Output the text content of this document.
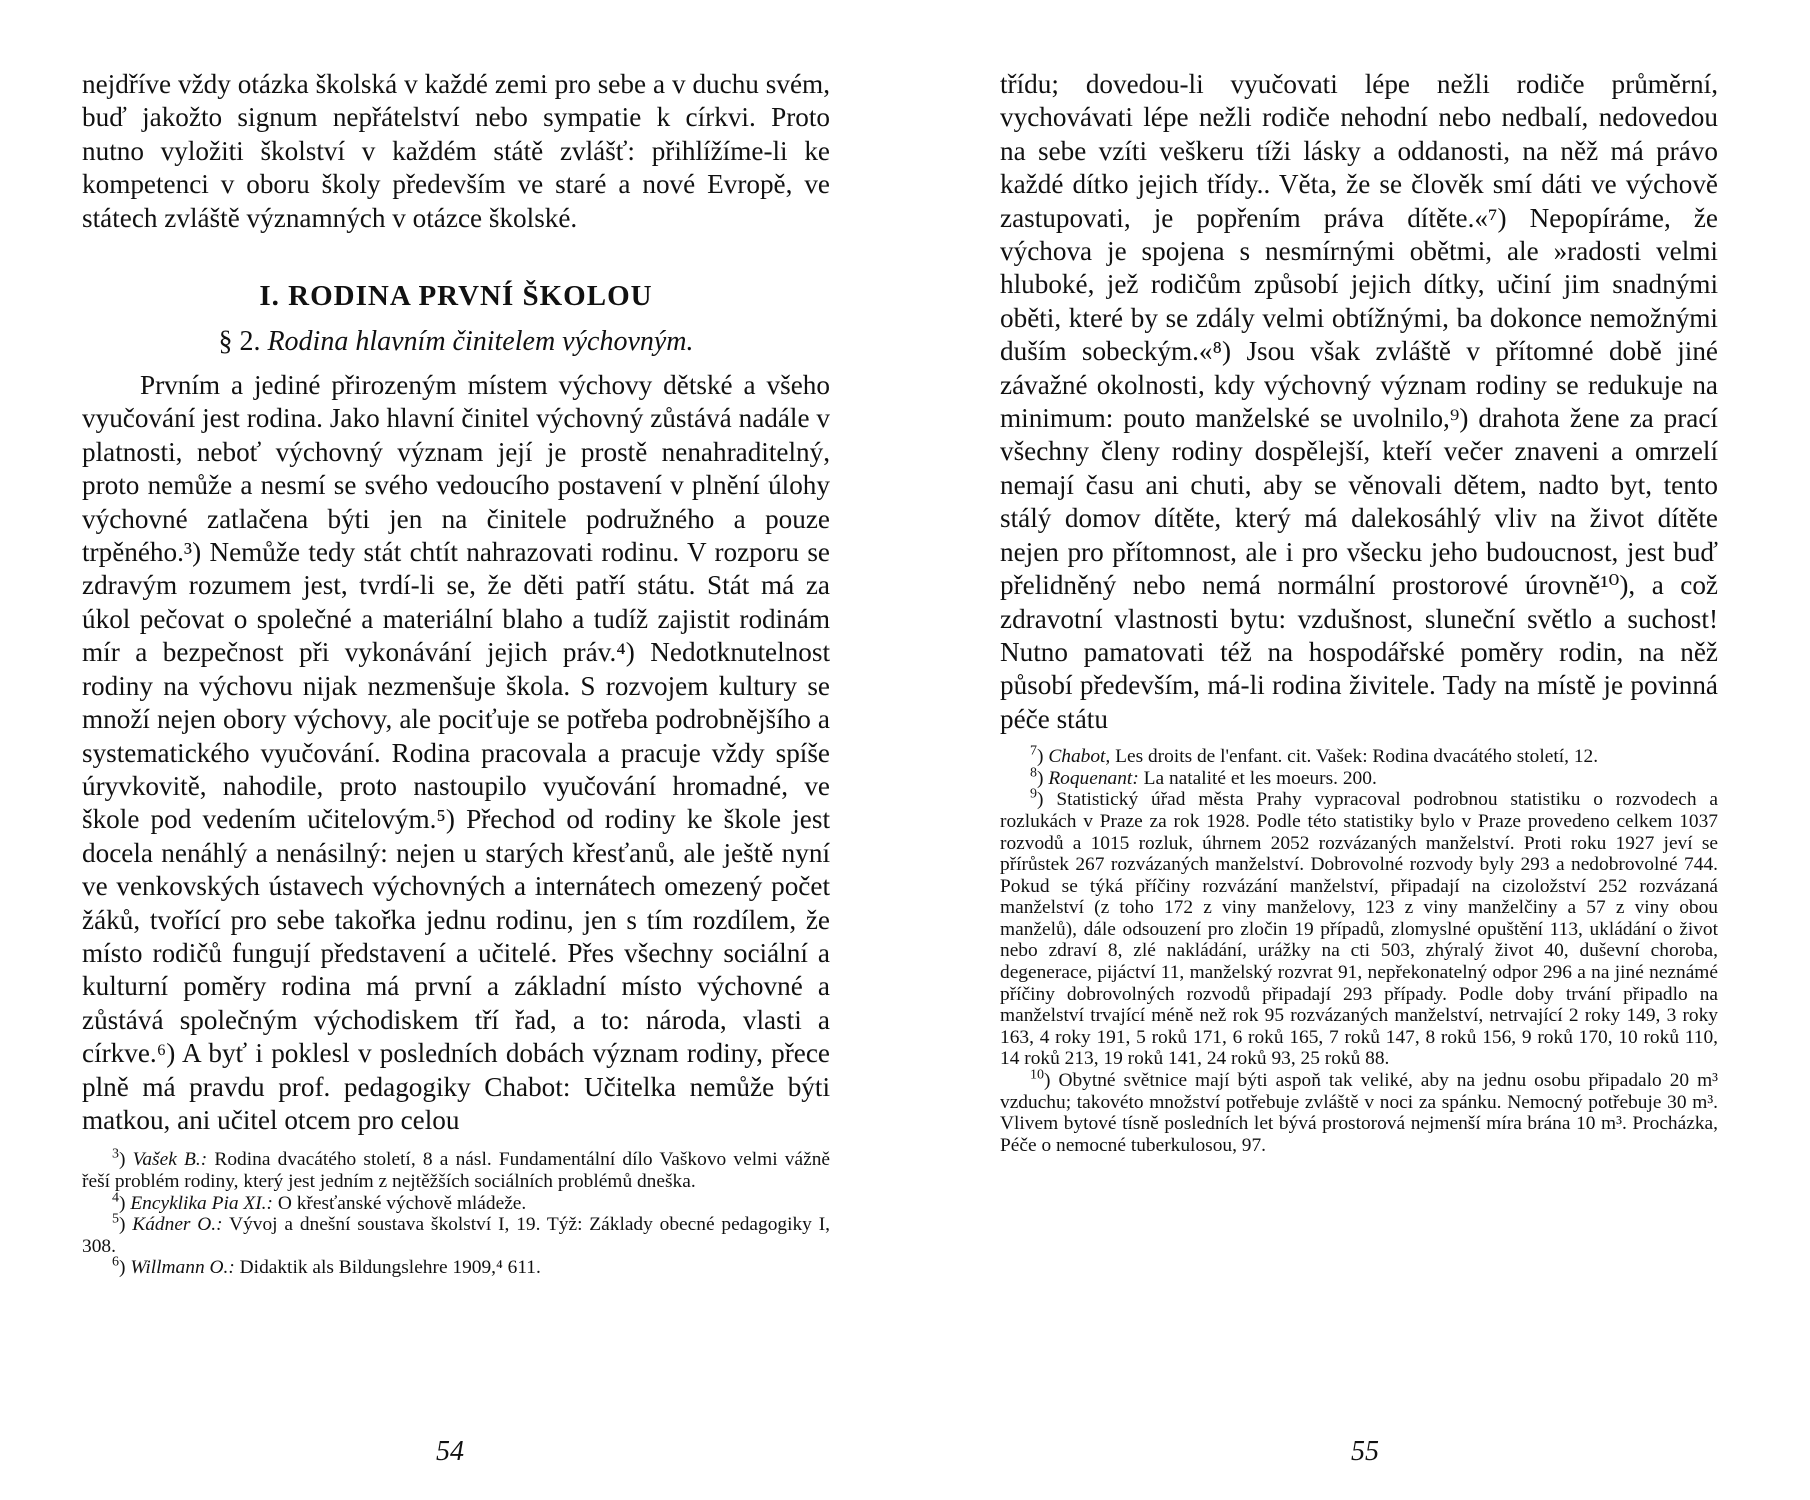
nejdříve vždy otázka školská v každé zemi pro sebe a v duchu svém, buď jakožto signum nepřátelství nebo sympatie k církvi. Proto nutno vyložiti školství v každém státě zvlášť: přihlížíme-li ke kompetenci v oboru školy především ve staré a nové Evropě, ve státech zvláště významných v otázce školské.

I. RODINA PRVNÍ ŠKOLOU
§ 2. Rodina hlavním činitelem výchovným.

Prvním a jediné přirozeným místem výchovy dětské a všeho vyučování jest rodina. Jako hlavní činitel výchovný zůstává nadále v platnosti, neboť výchovný význam její je prostě nenahraditelný, proto nemůže a nesmí se svého vedoucího postavení v plnění úlohy výchovné zatlačena býti jen na činitele podružného a pouze trpěného.³) Nemůže tedy stát chtít nahrazovati rodinu. V rozporu se zdravým rozumem jest, tvrdí-li se, že děti patří státu. Stát má za úkol pečovat o společné a materiální blaho a tudíž zajistit rodinám mír a bezpečnost při vykonávání jejich práv.⁴) Nedotknutelnost rodiny na výchovu nijak nezmenšuje škola. S rozvojem kultury se množí nejen obory výchovy, ale pociťuje se potřeba podrobnějšího a systematického vyučování. Rodina pracovala a pracuje vždy spíše úryvkovitě, nahodile, proto nastoupilo vyučování hromadné, ve škole pod vedením učitelovým.⁵) Přechod od rodiny ke škole jest docela nenáhlý a nenásilný: nejen u starých křesťanů, ale ještě nyní ve venkovských ústavech výchovných a internátech omezený počet žáků, tvořící pro sebe takořka jednu rodinu, jen s tím rozdílem, že místo rodičů fungují představení a učitelé. Přes všechny sociální a kulturní poměry rodina má první a základní místo výchovné a zůstává společným východiskem tří řad, a to: národa, vlasti a církve.⁶) A byť i poklesl v posledních dobách význam rodiny, přece plně má pravdu prof. pedagogiky Chabot: Učitelka nemůže býti matkou, ani učitel otcem pro celou

$^3$) Vašek B.: Rodina dvacátého století, 8 a násl. Fundamentální dílo Vaškovo velmi vážně řeší problém rodiny, který jest jedním z nejtěžších sociálních problémů dneška.

$^4$) Encyklika Pia XI.: O křesťanské výchově mládeže.

$^5$) Kádner O.: Vývoj a dnešní soustava školství I, 19. Týž: Základy obecné pedagogiky I, 308.

$^6$) Willmann O.: Didaktik als Bildungslehre 1909,⁴ 611.

třídu; dovedou-li vyučovati lépe nežli rodiče průměrní, vychovávati lépe nežli rodiče nehodní nebo nedbalí, nedovedou na sebe vzíti veškeru tíži lásky a oddanosti, na něž má právo každé dítko jejich třídy.. Věta, že se člověk smí dáti ve výchově zastupovati, je popřením práva dítěte.«⁷) Nepopíráme, že výchova je spojena s nesmírnými obětmi, ale »radosti velmi hluboké, jež rodičům způsobí jejich dítky, učiní jim snadnými oběti, které by se zdály velmi obtížnými, ba dokonce nemožnými duším sobeckým.«⁸) Jsou však zvláště v přítomné době jiné závažné okolnosti, kdy výchovný význam rodiny se redukuje na minimum: pouto manželské se uvolnilo,⁹) drahota žene za prací všechny členy rodiny dospělejší, kteří večer znaveni a omrzelí nemají času ani chuti, aby se věnovali dětem, nadto byt, tento stálý domov dítěte, který má dalekosáhlý vliv na život dítěte nejen pro přítomnost, ale i pro všecku jeho budoucnost, jest buď přelidněný nebo nemá normální prostorové úrovně¹⁰), a což zdravotní vlastnosti bytu: vzdušnost, sluneční světlo a suchost! Nutno pamatovati též na hospodářské poměry rodin, na něž působí především, má-li rodina živitele. Tady na místě je povinná péče státu

$^7$) Chabot, Les droits de l'enfant. cit. Vašek: Rodina dvacátého století, 12.

$^8$) Roquenant: La natalité et les moeurs. 200.

$^9$) Statistický úřad města Prahy vypracoval podrobnou statistiku o rozvodech a rozlukách v Praze za rok 1928. Podle této statistiky bylo v Praze provedeno celkem 1037 rozvodů a 1015 rozluk, úhrnem 2052 rozvázaných manželství. Proti roku 1927 jeví se přírůstek 267 rozvázaných manželství. Dobrovolné rozvody byly 293 a nedobrovolné 744. Pokud se týká příčiny rozvázání manželství, připadají na cizoložství 252 rozvázaná manželství (z toho 172 z viny manželovy, 123 z viny manželčiny a 57 z viny obou manželů), dále odsouzení pro zločin 19 případů, zlomyslné opuštění 113, ukládání o život nebo zdraví 8, zlé nakládání, urážky na cti 503, zhýralý život 40, duševní choroba, degenerace, pijáctví 11, manželský rozvrat 91, nepřekonatelný odpor 296 a na jiné neznámé příčiny dobrovolných rozvodů připadají 293 případy. Podle doby trvání připadlo na manželství trvající méně než rok 95 rozvázaných manželství, netrvající 2 roky 149, 3 roky 163, 4 roky 191, 5 roků 171, 6 roků 165, 7 roků 147, 8 roků 156, 9 roků 170, 10 roků 110, 14 roků 213, 19 roků 141, 24 roků 93, 25 roků 88.

$^{10}$) Obytné světnice mají býti aspoň tak veliké, aby na jednu osobu připadalo 20 m³ vzduchu; takovéto množství potřebuje zvláště v noci za spánku. Nemocný potřebuje 30 m³. Vlivem bytové tísně posledních let bývá prostorová nejmenší míra brána 10 m³. Procházka, Péče o nemocné tuberkulosou, 97.

54	55
